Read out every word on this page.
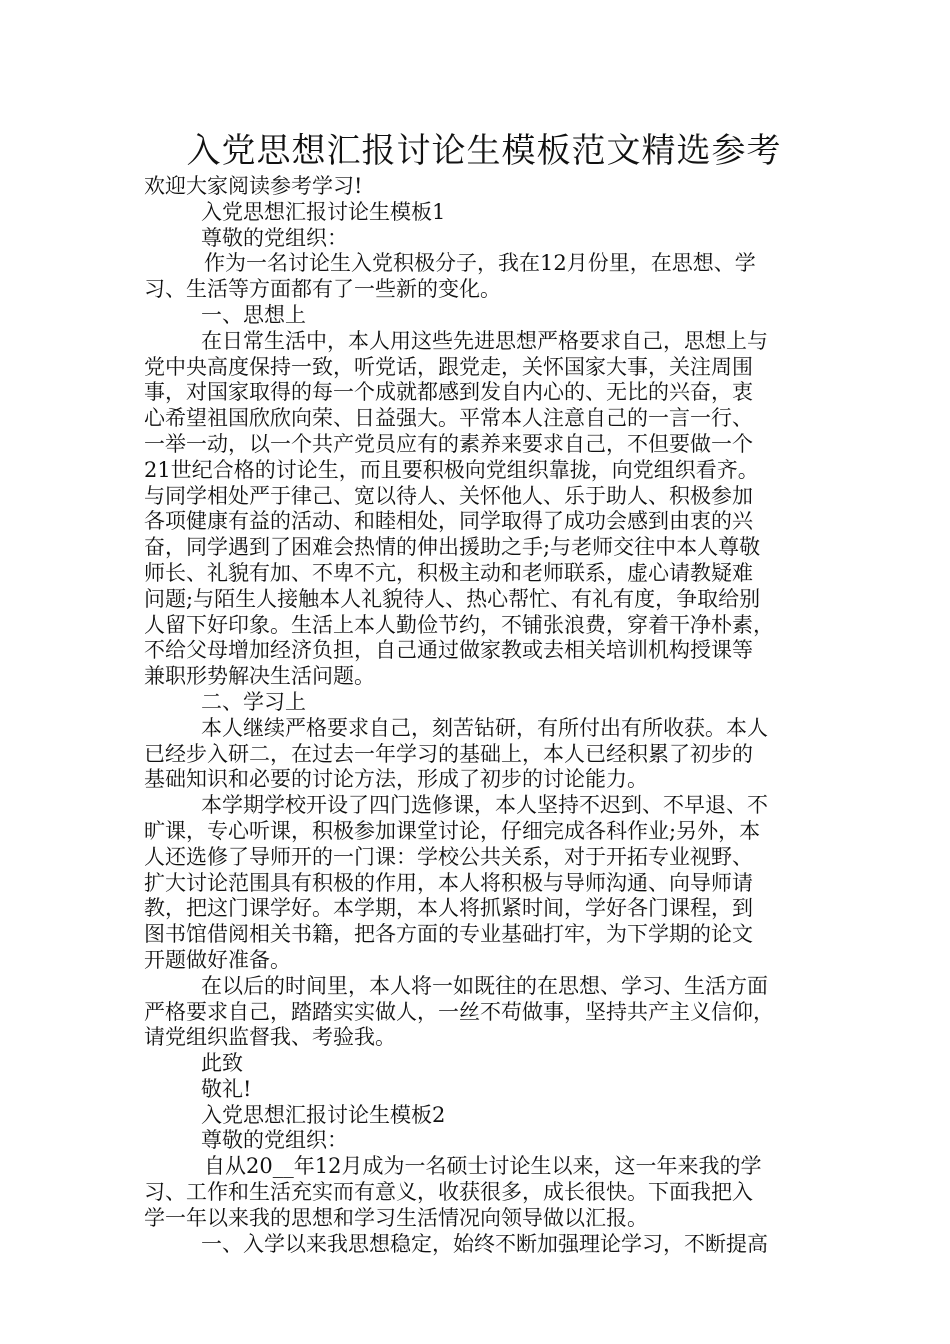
入党思想汇报讨论生模板范文精选参考

欢迎大家阅读参考学习!

入党思想汇报讨论生模板1

尊敬的党组织：

作为一名讨论生入党积极分子，我在12月份里，在思想、学

习、生活等方面都有了一些新的变化。

一、思想上

在日常生活中，本人用这些先进思想严格要求自己，思想上与

党中央高度保持一致，听党话，跟党走，关怀国家大事，关注周围

事，对国家取得的每一个成就都感到发自内心的、无比的兴奋，衷

心希望祖国欣欣向荣、日益强大。平常本人注意自己的一言一行、

一举一动，以一个共产党员应有的素养来要求自己，不但要做一个

21世纪合格的讨论生，而且要积极向党组织靠拢，向党组织看齐。

与同学相处严于律己、宽以待人、关怀他人、乐于助人、积极参加

各项健康有益的活动、和睦相处，同学取得了成功会感到由衷的兴

奋，同学遇到了困难会热情的伸出援助之手;与老师交往中本人尊敬

师长、礼貌有加、不卑不亢，积极主动和老师联系，虚心请教疑难

问题;与陌生人接触本人礼貌待人、热心帮忙、有礼有度，争取给别

人留下好印象。生活上本人勤俭节约，不铺张浪费，穿着干净朴素，

不给父母增加经济负担，自己通过做家教或去相关培训机构授课等

兼职形势解决生活问题。

二、学习上

本人继续严格要求自己，刻苦钻研，有所付出有所收获。本人

已经步入研二，在过去一年学习的基础上，本人已经积累了初步的

基础知识和必要的讨论方法，形成了初步的讨论能力。

本学期学校开设了四门选修课，本人坚持不迟到、不早退、不

旷课，专心听课，积极参加课堂讨论，仔细完成各科作业;另外，本

人还选修了导师开的一门课：学校公共关系，对于开拓专业视野、

扩大讨论范围具有积极的作用，本人将积极与导师沟通、向导师请

教，把这门课学好。本学期，本人将抓紧时间，学好各门课程，到

图书馆借阅相关书籍，把各方面的专业基础打牢，为下学期的论文

开题做好准备。

在以后的时间里，本人将一如既往的在思想、学习、生活方面

严格要求自己，踏踏实实做人，一丝不苟做事，坚持共产主义信仰，

请党组织监督我、考验我。

此致

敬礼!

入党思想汇报讨论生模板2

尊敬的党组织：

自从20__年12月成为一名硕士讨论生以来，这一年来我的学

习、工作和生活充实而有意义，收获很多，成长很快。下面我把入

学一年以来我的思想和学习生活情况向领导做以汇报。

一、入学以来我思想稳定，始终不断加强理论学习，不断提高
